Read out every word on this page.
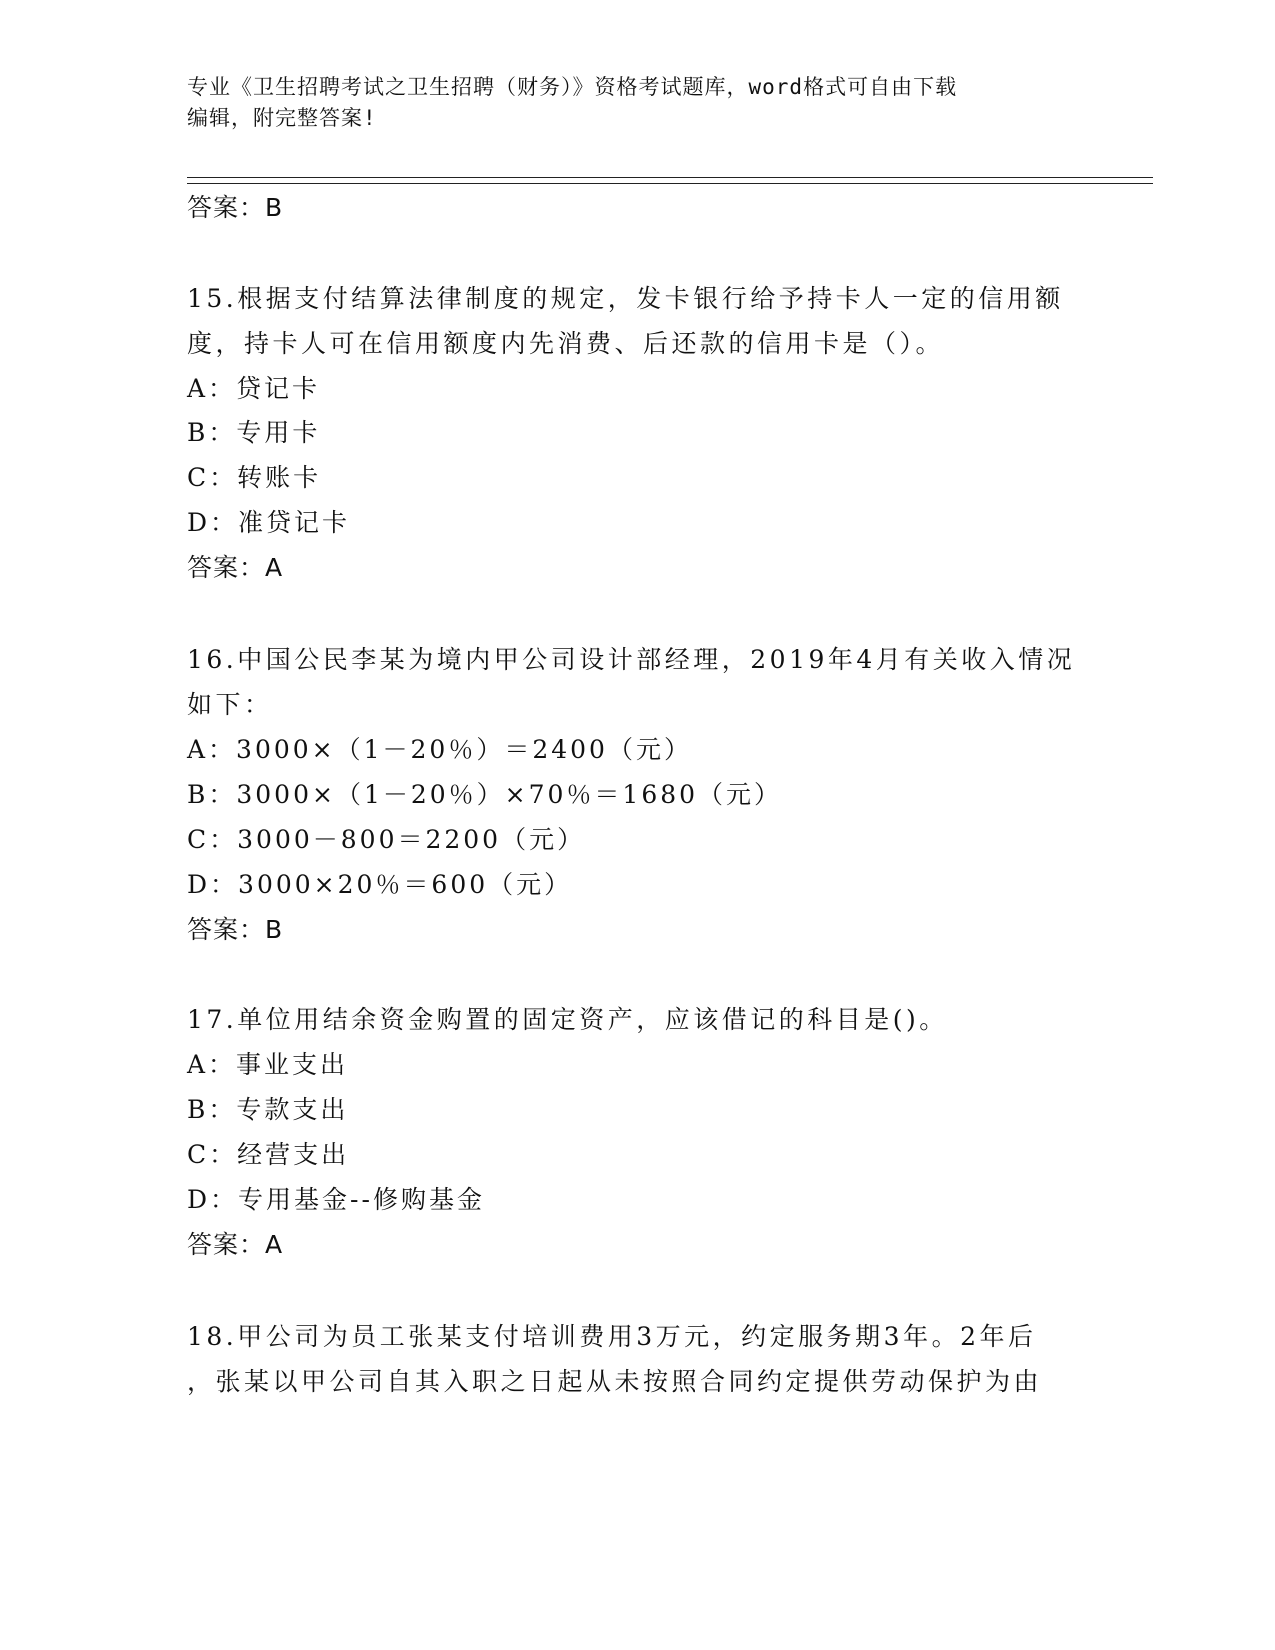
专业《卫生招聘考试之卫生招聘（财务）》资格考试题库，word格式可自由下载
编辑，附完整答案!
答案：B
15.根据支付结算法律制度的规定，发卡银行给予持卡人一定的信用额
度，持卡人可在信用额度内先消费、后还款的信用卡是（）。
A：贷记卡
B：专用卡
C：转账卡
D：准贷记卡
答案：A
16.中国公民李某为境内甲公司设计部经理，2019年4月有关收入情况
如下：
A：3000×（1－20％）＝2400（元）
B：3000×（1－20％）×70％＝1680（元）
C：3000－800＝2200（元）
D：3000×20％＝600（元）
答案：B
17.单位用结余资金购置的固定资产，应该借记的科目是()。
A：事业支出
B：专款支出
C：经营支出
D：专用基金--修购基金
答案：A
18.甲公司为员工张某支付培训费用3万元，约定服务期3年。2年后
，张某以甲公司自其入职之日起从未按照合同约定提供劳动保护为由
